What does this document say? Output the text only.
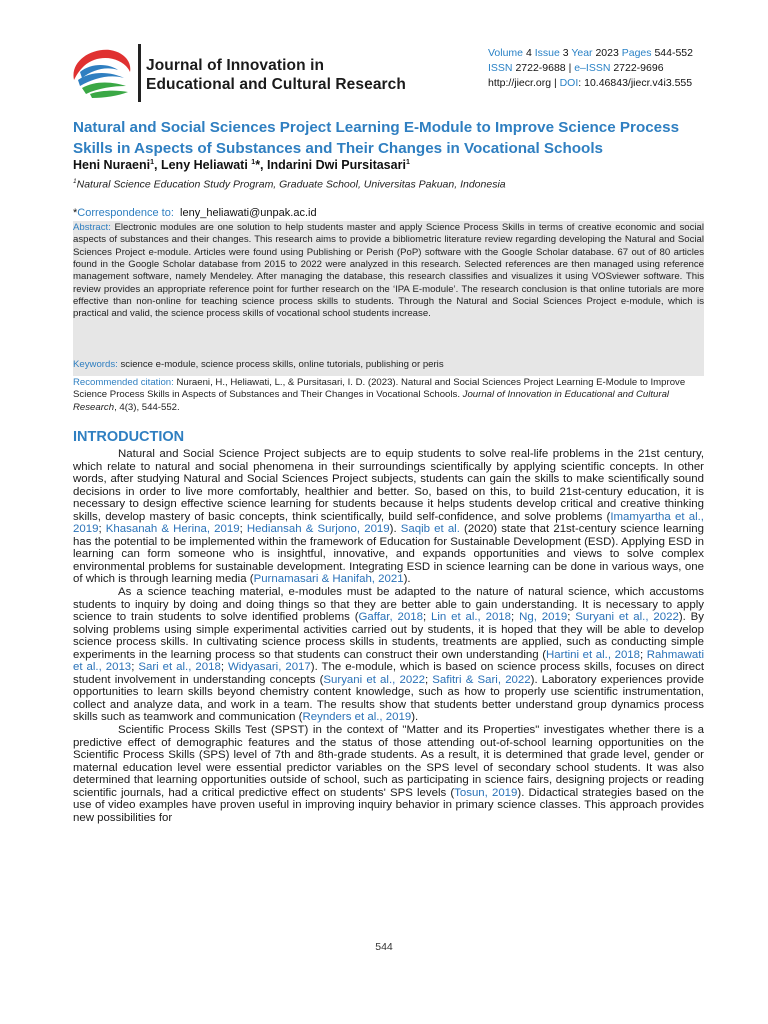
Journal of Innovation in
Educational and Cultural Research
Volume 4 Issue 3 Year 2023 Pages 544-552
ISSN 2722-9688 | e–ISSN 2722-9696
http://jiecr.org | DOI: 10.46843/jiecr.v4i3.555
Natural and Social Sciences Project Learning E-Module to Improve Science Process Skills in Aspects of Substances and Their Changes in Vocational Schools
Heni Nuraeni$^1$, Leny Heliawati $^1$*, Indarini Dwi Pursitasari$^1$
$^1$Natural Science Education Study Program, Graduate School, Universitas Pakuan, Indonesia
*Correspondence to: leny_heliawati@unpak.ac.id
Abstract: Electronic modules are one solution to help students master and apply Science Process Skills in terms of creative economic and social aspects of substances and their changes. This research aims to provide a bibliometric literature review regarding developing the Natural and Social Sciences Project e-module. Articles were found using Publishing or Perish (PoP) software with the Google Scholar database. 67 out of 80 articles found in the Google Scholar database from 2015 to 2022 were analyzed in this research. Selected references are then managed using reference management software, namely Mendeley. After managing the database, this research classifies and visualizes it using VOSviewer software. This review provides an appropriate reference point for further research on the ‘IPA E-module’. The research conclusion is that online tutorials are more effective than non-online for teaching science process skills to students. Through the Natural and Social Sciences Project e-module, which is practical and valid, the science process skills of vocational school students increase.
Keywords: science e-module, science process skills, online tutorials, publishing or peris
Recommended citation: Nuraeni, H., Heliawati, L., & Pursitasari, I. D. (2023). Natural and Social Sciences Project Learning E-Module to Improve Science Process Skills in Aspects of Substances and Their Changes in Vocational Schools. Journal of Innovation in Educational and Cultural Research, 4(3), 544-552.
INTRODUCTION

Natural and Social Science Project subjects are to equip students to solve real-life problems in the 21st century, which relate to natural and social phenomena in their surroundings scientifically by applying scientific concepts. In other words, after studying Natural and Social Sciences Project subjects, students can gain the skills to make scientifically sound decisions in order to live more comfortably, healthier and better. So, based on this, to build 21st-century education, it is necessary to design effective science learning for students because it helps students develop critical and creative thinking skills, develop mastery of basic concepts, think scientifically, build self-confidence, and solve problems (Imamyartha et al., 2019; Khasanah & Herina, 2019; Hediansah & Surjono, 2019). Saqib et al. (2020) state that 21st-century science learning has the potential to be implemented within the framework of Education for Sustainable Development (ESD). Applying ESD in learning can form someone who is insightful, innovative, and expands opportunities and views to solve complex environmental problems for sustainable development. Integrating ESD in science learning can be done in various ways, one of which is through learning media (Purnamasari & Hanifah, 2021).

As a science teaching material, e-modules must be adapted to the nature of natural science, which accustoms students to inquiry by doing and doing things so that they are better able to gain understanding. It is necessary to apply science to train students to solve identified problems (Gaffar, 2018; Lin et al., 2018; Ng, 2019; Suryani et al., 2022). By solving problems using simple experimental activities carried out by students, it is hoped that they will be able to develop science process skills. In cultivating science process skills in students, treatments are applied, such as conducting simple experiments in the learning process so that students can construct their own understanding (Hartini et al., 2018; Rahmawati et al., 2013; Sari et al., 2018; Widyasari, 2017). The e-module, which is based on science process skills, focuses on direct student involvement in understanding concepts (Suryani et al., 2022; Safitri & Sari, 2022). Laboratory experiences provide opportunities to learn skills beyond chemistry content knowledge, such as how to properly use scientific instrumentation, collect and analyze data, and work in a team. The results show that students better understand group dynamics process skills such as teamwork and communication (Reynders et al., 2019).

Scientific Process Skills Test (SPST) in the context of "Matter and its Properties" investigates whether there is a predictive effect of demographic features and the status of those attending out-of-school learning opportunities on the Scientific Process Skills (SPS) level of 7th and 8th-grade students. As a result, it is determined that grade level, gender or maternal education level were essential predictor variables on the SPS level of secondary school students. It was also determined that learning opportunities outside of school, such as participating in science fairs, designing projects or reading scientific journals, had a critical predictive effect on students' SPS levels (Tosun, 2019). Didactical strategies based on the use of video examples have proven useful in improving inquiry behavior in primary science classes. This approach provides new possibilities for

544
